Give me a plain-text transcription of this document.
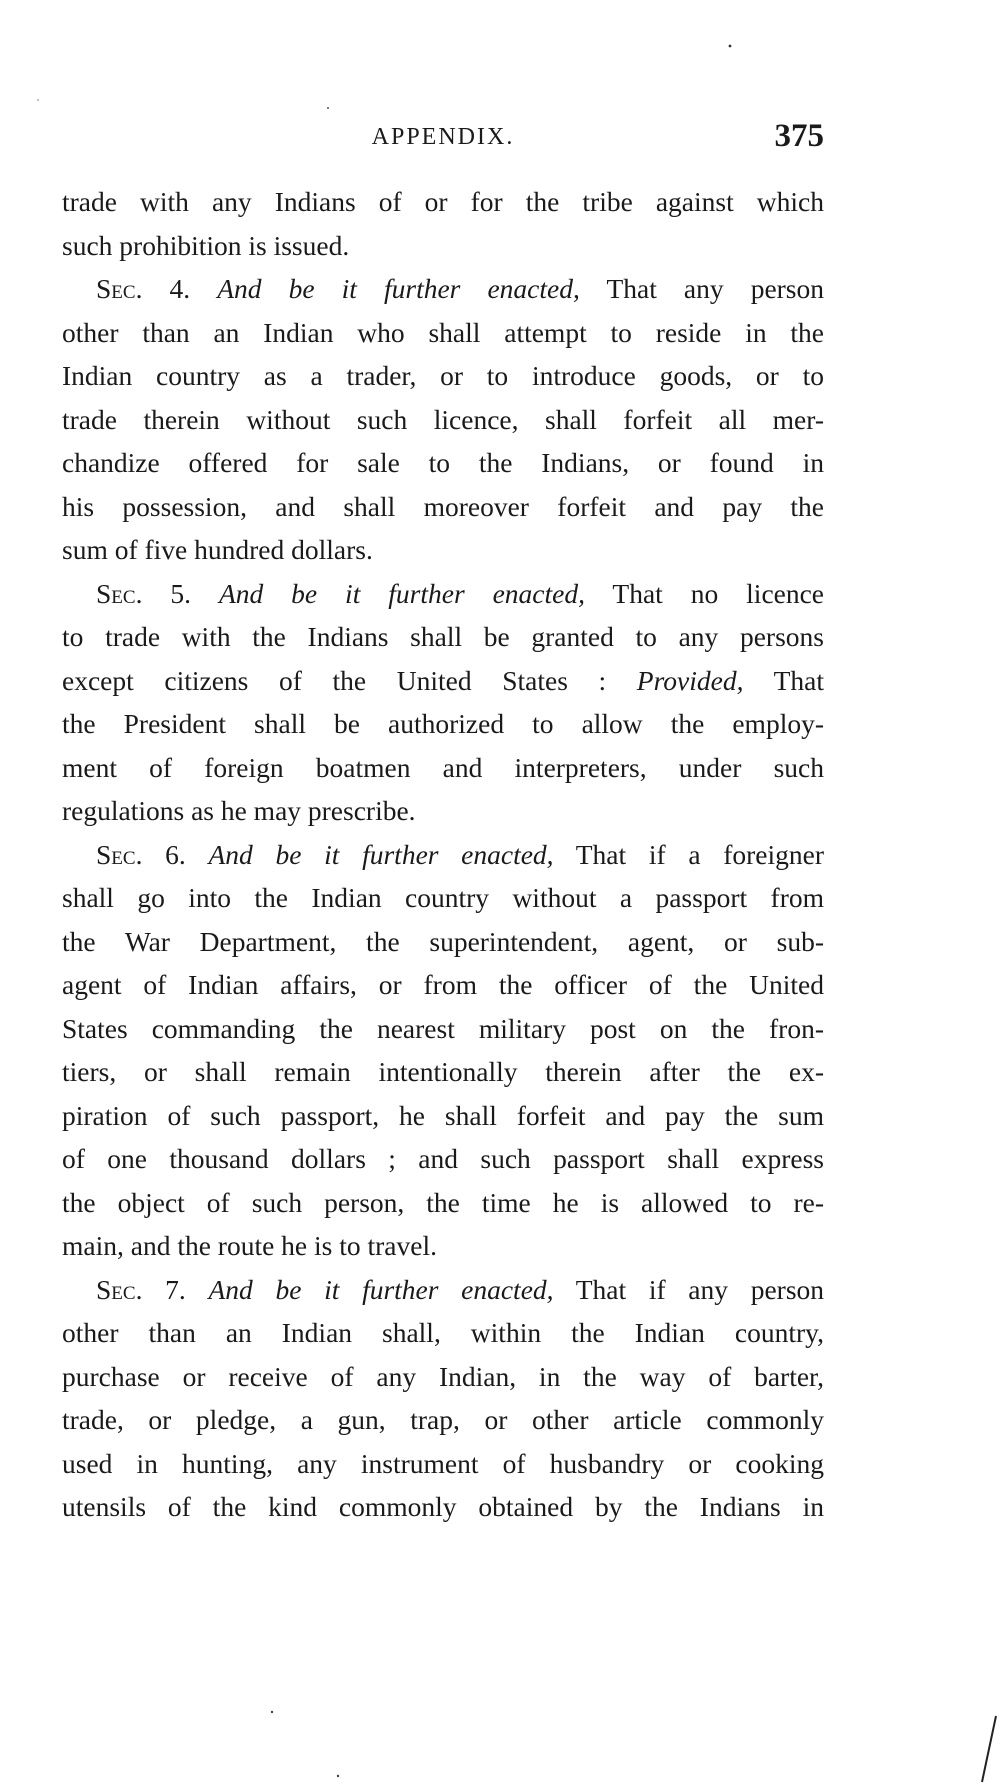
APPENDIX.	375

trade with any Indians of or for the tribe against which

such prohibition is issued.

Sec. 4. And be it further enacted, That any person

other than an Indian who shall attempt to reside in the

Indian country as a trader, or to introduce goods, or to

trade therein without such licence, shall forfeit all mer-

chandize offered for sale to the Indians, or found in

his possession, and shall moreover forfeit and pay the

sum of five hundred dollars.

Sec. 5. And be it further enacted, That no licence

to trade with the Indians shall be granted to any persons

except citizens of the United States : Provided, That

the President shall be authorized to allow the employ-

ment of foreign boatmen and interpreters, under such

regulations as he may prescribe.

Sec. 6. And be it further enacted, That if a foreigner

shall go into the Indian country without a passport from

the War Department, the superintendent, agent, or sub-

agent of Indian affairs, or from the officer of the United

States commanding the nearest military post on the fron-

tiers, or shall remain intentionally therein after the ex-

piration of such passport, he shall forfeit and pay the sum

of one thousand dollars ; and such passport shall express

the object of such person, the time he is allowed to re-

main, and the route he is to travel.

Sec. 7. And be it further enacted, That if any person

other than an Indian shall, within the Indian country,

purchase or receive of any Indian, in the way of barter,

trade, or pledge, a gun, trap, or other article commonly

used in hunting, any instrument of husbandry or cooking

utensils of the kind commonly obtained by the Indians in
